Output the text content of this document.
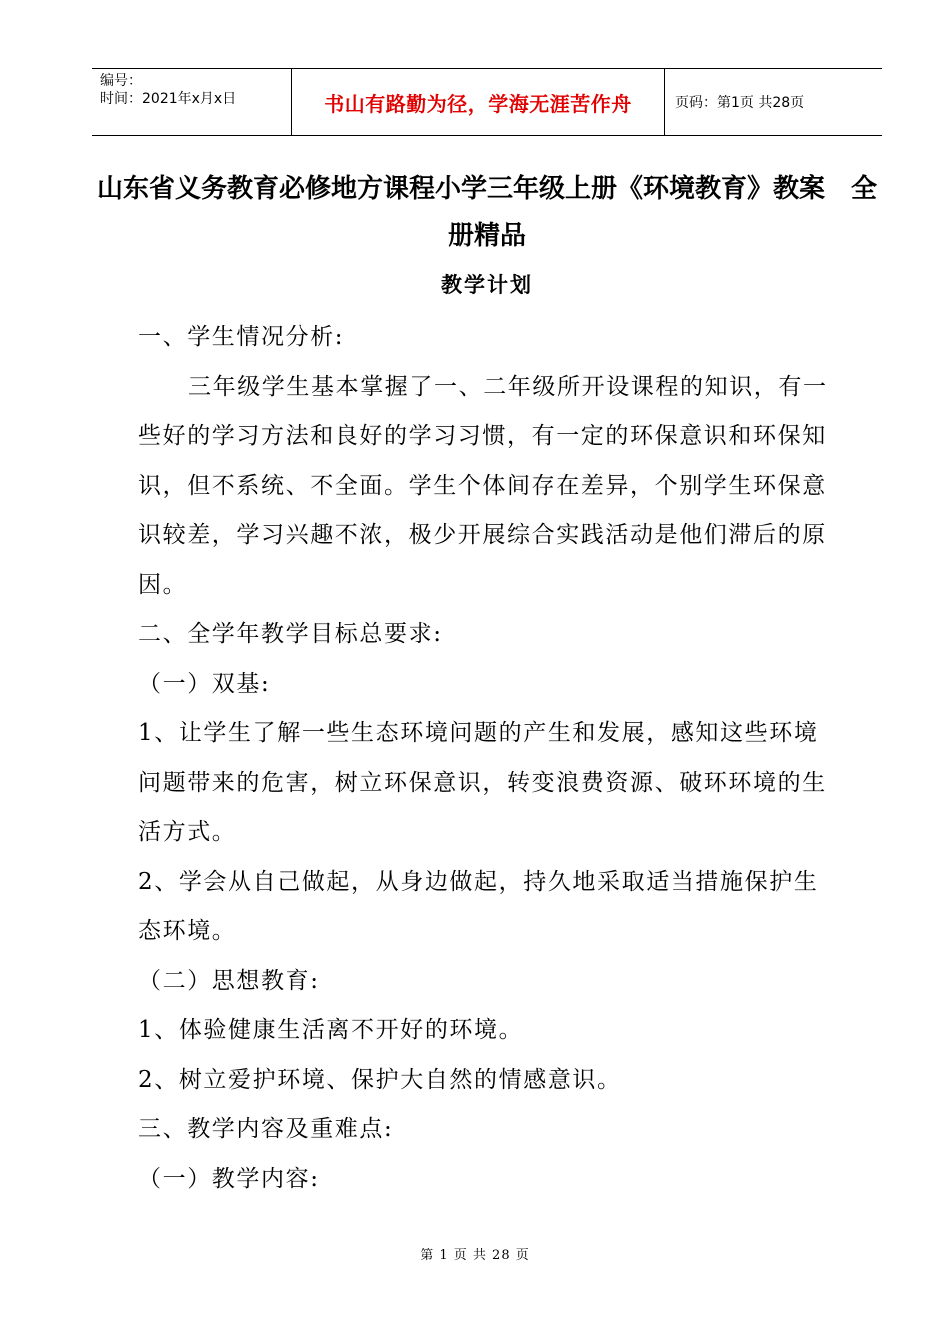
编号：
时间：2021年x月x日	书山有路勤为径，学海无涯苦作舟	页码：第1页 共28页
山东省义务教育必修地方课程小学三年级上册《环境教育》教案　全册精品
教学计划

一、学生情况分析:

三年级学生基本掌握了一、二年级所开设课程的知识，有一些好的学习方法和良好的学习习惯，有一定的环保意识和环保知识，但不系统、不全面。学生个体间存在差异，个别学生环保意识较差，学习兴趣不浓，极少开展综合实践活动是他们滞后的原因。

二、全学年教学目标总要求:

（一）双基:

1、让学生了解一些生态环境问题的产生和发展，感知这些环境问题带来的危害，树立环保意识，转变浪费资源、破环环境的生活方式。

2、学会从自己做起，从身边做起，持久地采取适当措施保护生态环境。

（二）思想教育:

1、体验健康生活离不开好的环境。

2、树立爱护环境、保护大自然的情感意识。

三、教学内容及重难点:

（一）教学内容:

第 1 页 共 28 页
